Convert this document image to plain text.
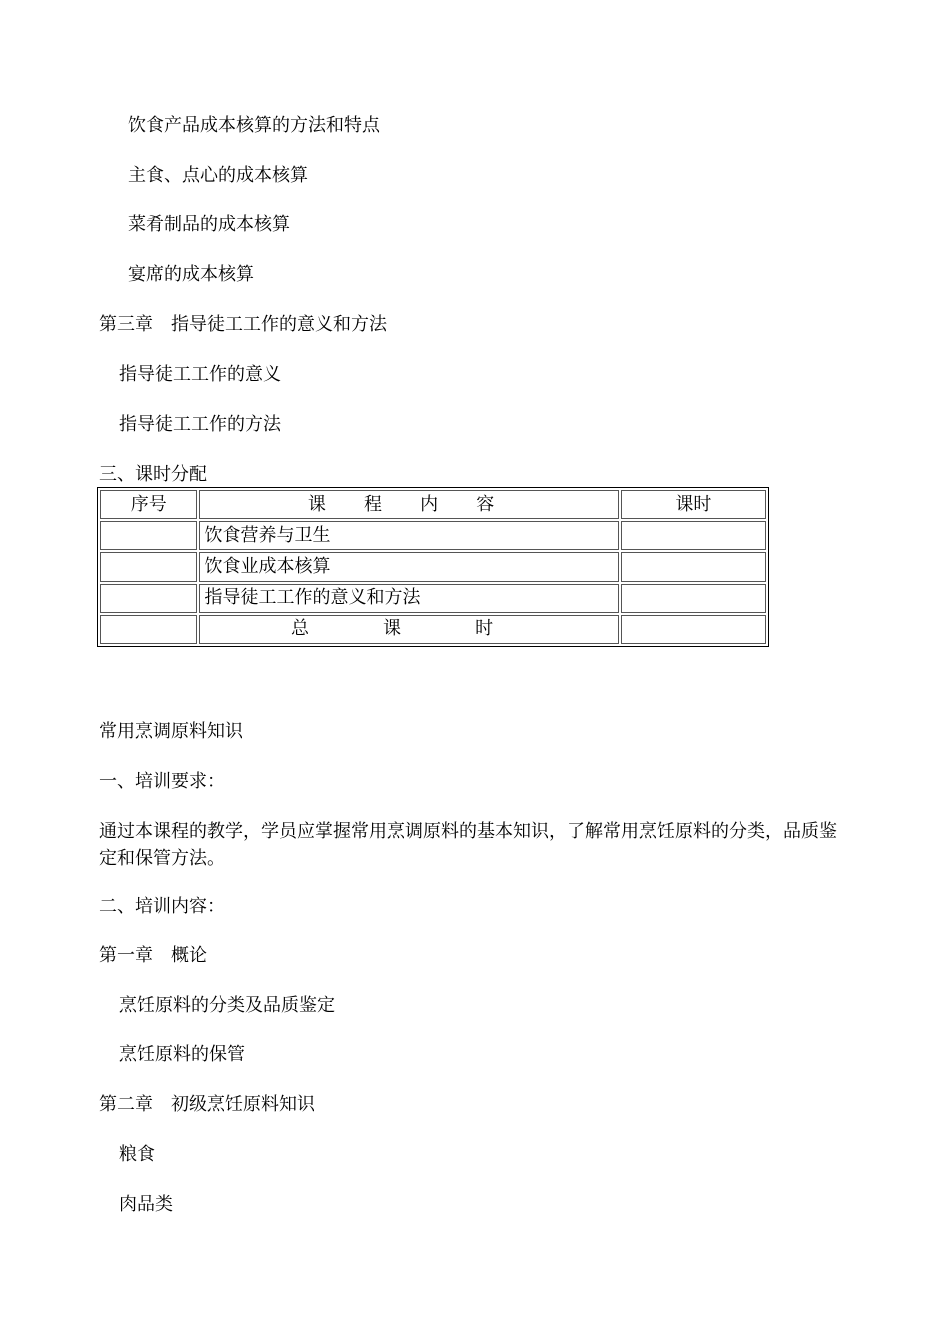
饮食产品成本核算的方法和特点
主食、点心的成本核算
菜肴制品的成本核算
宴席的成本核算
第三章　指导徒工工作的意义和方法
指导徒工工作的意义
指导徒工工作的方法
三、课时分配
序号	课 程 内 容	课时
	饮食营养与卫生	
	饮食业成本核算	
	指导徒工工作的意义和方法	
	总 课 时	
常用烹调原料知识
一、培训要求：
通过本课程的教学，学员应掌握常用烹调原料的基本知识，了解常用烹饪原料的分类，品质鉴定和保管方法。
二、培训内容：
第一章　概论
烹饪原料的分类及品质鉴定
烹饪原料的保管
第二章　初级烹饪原料知识
粮食
肉品类
